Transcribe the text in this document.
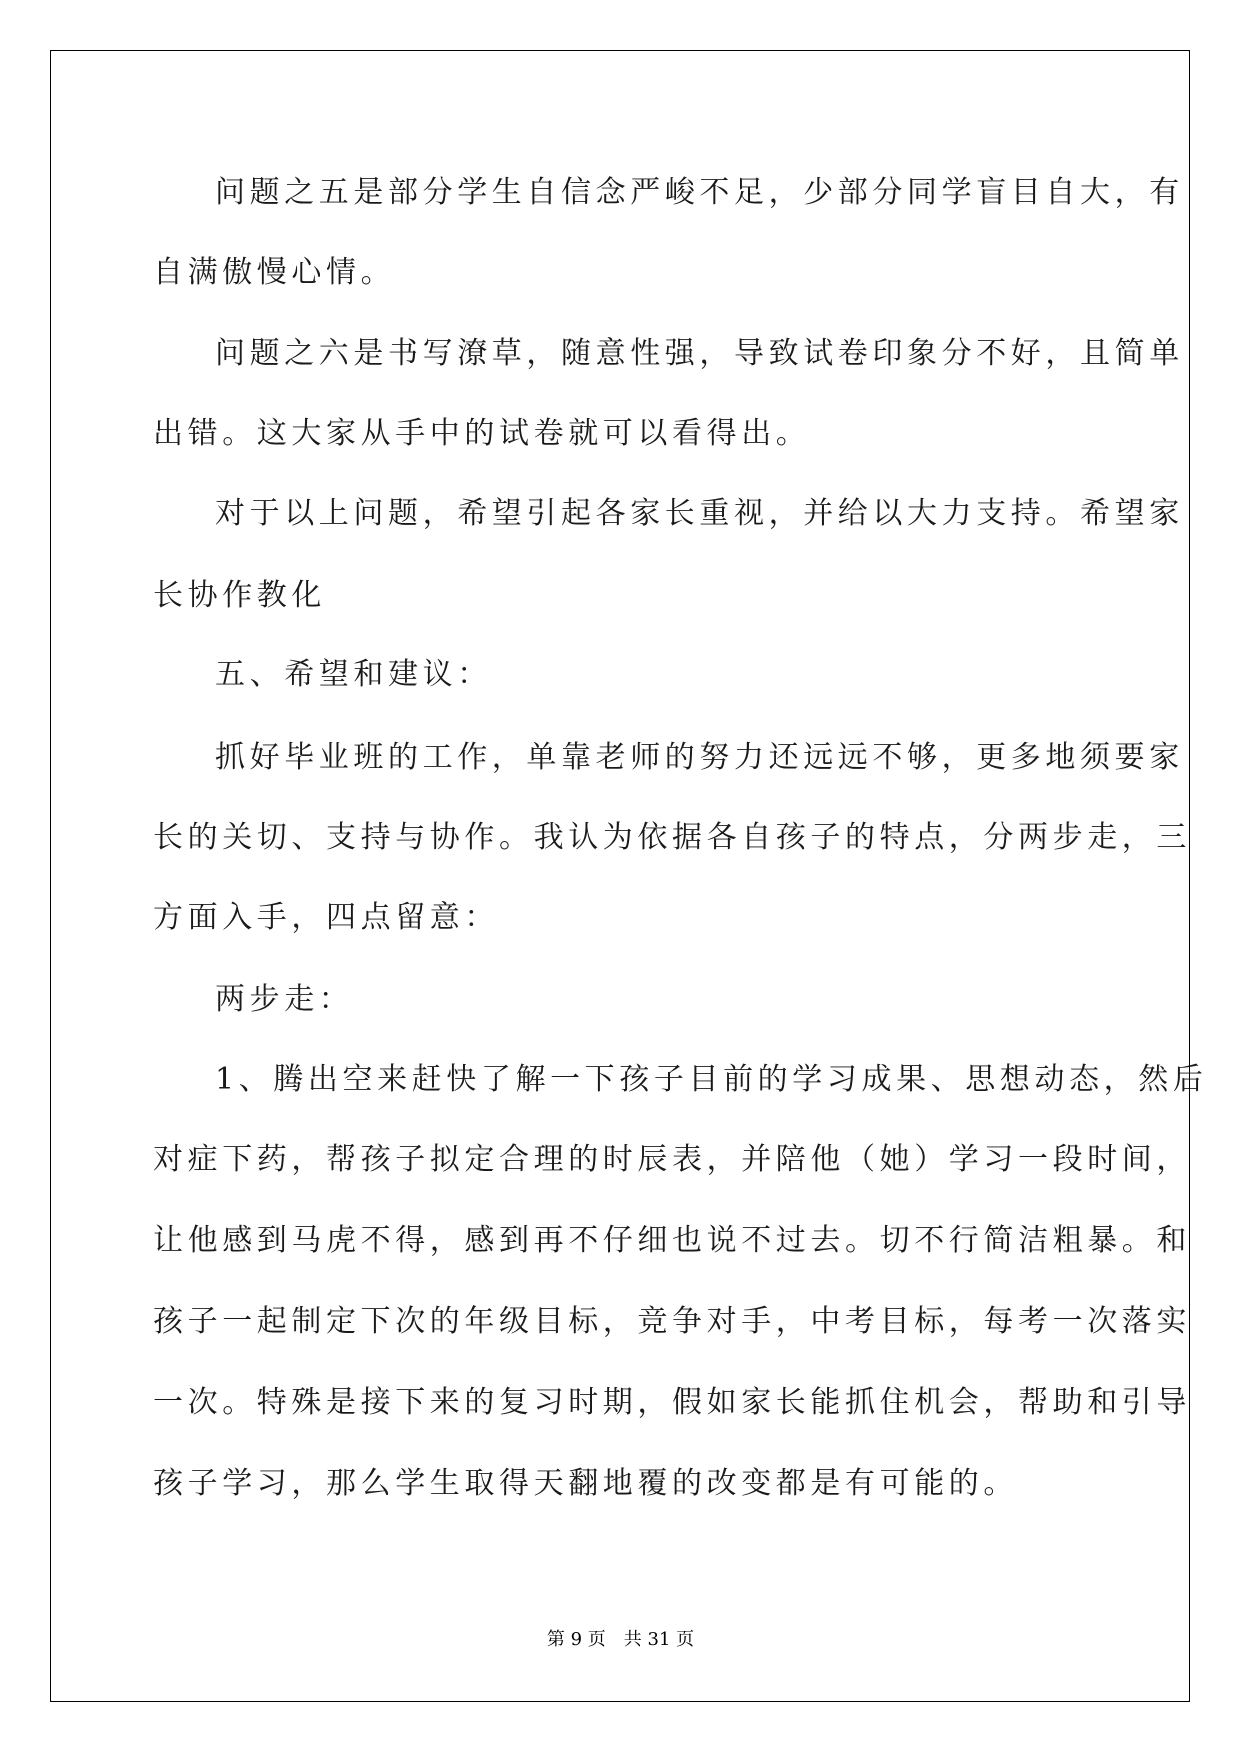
问题之五是部分学生自信念严峻不足，少部分同学盲目自大，有
自满傲慢心情。
问题之六是书写潦草，随意性强，导致试卷印象分不好，且简单
出错。这大家从手中的试卷就可以看得出。
对于以上问题，希望引起各家长重视，并给以大力支持。希望家
长协作教化
五、希望和建议：
抓好毕业班的工作，单靠老师的努力还远远不够，更多地须要家
长的关切、支持与协作。我认为依据各自孩子的特点，分两步走，三
方面入手，四点留意：
两步走：
1、腾出空来赶快了解一下孩子目前的学习成果、思想动态，然后
对症下药，帮孩子拟定合理的时辰表，并陪他（她）学习一段时间，
让他感到马虎不得，感到再不仔细也说不过去。切不行简洁粗暴。和
孩子一起制定下次的年级目标，竞争对手，中考目标，每考一次落实
一次。特殊是接下来的复习时期，假如家长能抓住机会，帮助和引导
孩子学习，那么学生取得天翻地覆的改变都是有可能的。
第 9 页 共 31 页
